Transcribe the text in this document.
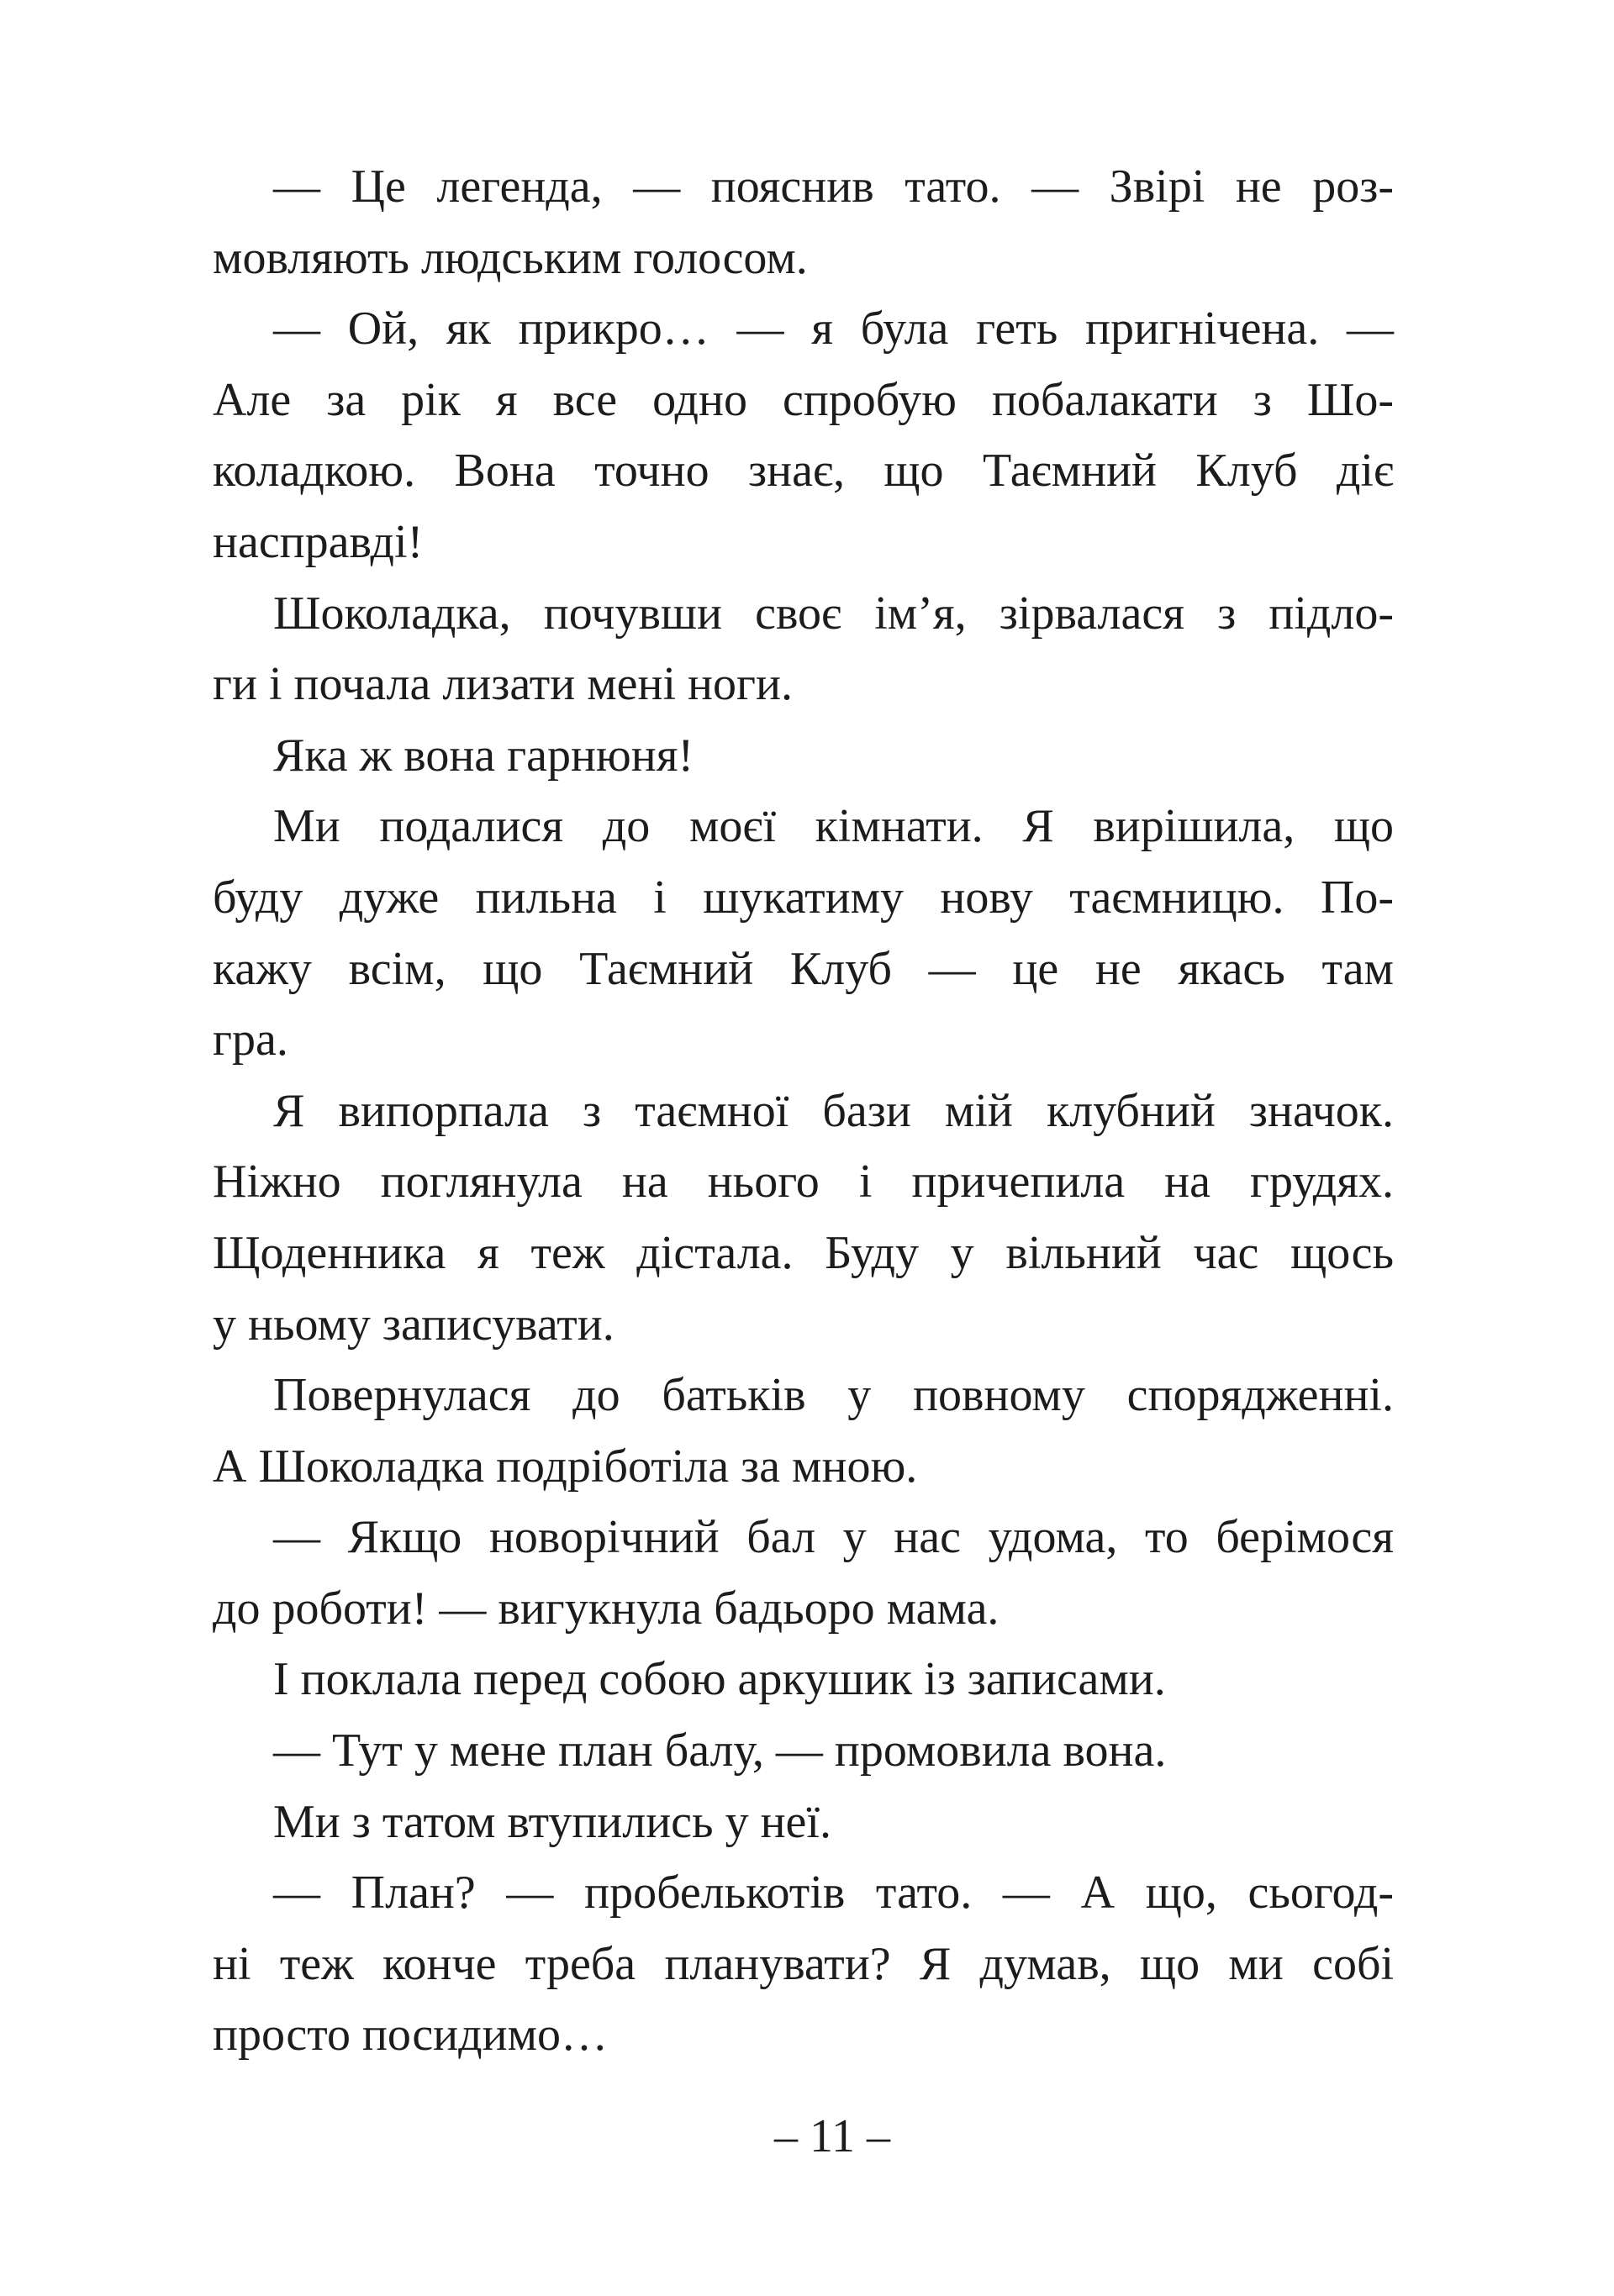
— Це легенда, — пояснив тато. — Звірі не роз-
мовляють людським голосом.
— Ой, як прикро… — я була геть пригнічена. —
Але за рік я все одно спробую побалакати з Шо-
коладкою. Вона точно знає, що Таємний Клуб діє
насправді!
Шоколадка, почувши своє ім’я, зірвалася з підло-
ги і почала лизати мені ноги.
Яка ж вона гарнюня!
Ми подалися до моєї кімнати. Я вирішила, що
буду дуже пильна і шукатиму нову таємницю. По-
кажу всім, що Таємний Клуб — це не якась там
гра.
Я випорпала з таємної бази мій клубний значок.
Ніжно поглянула на нього і причепила на грудях.
Щоденника я теж дістала. Буду у вільний час щось
у ньому записувати.
Повернулася до батьків у повному спорядженні.
А Шоколадка подріботіла за мною.
— Якщо новорічний бал у нас удома, то берімося
до роботи! — вигукнула бадьоро мама.
І поклала перед собою аркушик із записами.
— Тут у мене план балу, — промовила вона.
Ми з татом втупились у неї.
— План? — пробелькотів тато. — А що, сьогод-
ні теж конче треба планувати? Я думав, що ми собі
просто посидимо…
– 11 –
